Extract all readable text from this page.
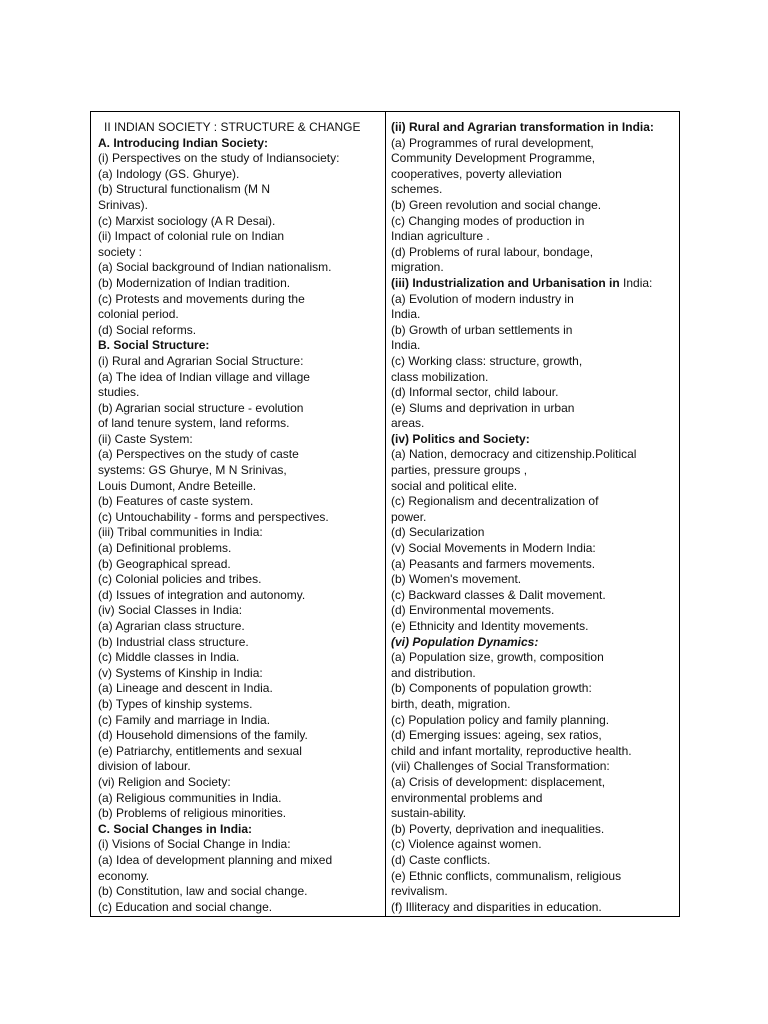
II INDIAN SOCIETY : STRUCTURE & CHANGE
A. Introducing Indian Society:
(i) Perspectives on the study of Indiansociety:
(a) Indology (GS. Ghurye).
(b) Structural functionalism (M N
Srinivas).
(c) Marxist sociology (A R Desai).
(ii) Impact of colonial rule on Indian
society :
(a) Social background of Indian nationalism.
(b) Modernization of Indian tradition.
(c) Protests and movements during the
colonial period.
(d) Social reforms.
B. Social Structure:
(i) Rural and Agrarian Social Structure:
(a) The idea of Indian village and village
studies.
(b) Agrarian social structure - evolution
of land tenure system, land reforms.
(ii) Caste System:
(a) Perspectives on the study of caste
systems: GS Ghurye, M N Srinivas,
Louis Dumont, Andre Beteille.
(b) Features of caste system.
(c) Untouchability - forms and perspectives.
(iii) Tribal communities in India:
(a) Definitional problems.
(b) Geographical spread.
(c) Colonial policies and tribes.
(d) Issues of integration and autonomy.
(iv) Social Classes in India:
(a) Agrarian class structure.
(b) Industrial class structure.
(c) Middle classes in India.
(v) Systems of Kinship in India:
(a) Lineage and descent in India.
(b) Types of kinship systems.
(c) Family and marriage in India.
(d) Household dimensions of the family.
(e) Patriarchy, entitlements and sexual
division of labour.
(vi) Religion and Society:
(a) Religious communities in India.
(b) Problems of religious minorities.
C. Social Changes in India:
(i) Visions of Social Change in India:
(a) Idea of development planning and mixed
economy.
(b) Constitution, law and social change.
(c) Education and social change.
(ii) Rural and Agrarian transformation in India:
(a) Programmes of rural development,
Community Development Programme,
cooperatives, poverty alleviation
schemes.
(b) Green revolution and social change.
(c) Changing modes of production in
Indian agriculture .
(d) Problems of rural labour, bondage,
migration.
(iii) Industrialization and Urbanisation in India:
(a) Evolution of modern industry in
India.
(b) Growth of urban settlements in
India.
(c) Working class: structure, growth,
class mobilization.
(d) Informal sector, child labour.
(e) Slums and deprivation in urban
areas.
(iv) Politics and Society:
(a) Nation, democracy and citizenship.Political
parties, pressure groups ,
social and political elite.
(c) Regionalism and decentralization of
power.
(d) Secularization
(v) Social Movements in Modern India:
(a) Peasants and farmers movements.
(b) Women's movement.
(c) Backward classes & Dalit movement.
(d) Environmental movements.
(e) Ethnicity and Identity movements.
(vi) Population Dynamics:
(a) Population size, growth, composition
and distribution.
(b) Components of population growth:
birth, death, migration.
(c) Population policy and family planning.
(d) Emerging issues: ageing, sex ratios,
child and infant mortality, reproductive health.
(vii) Challenges of Social Transformation:
(a) Crisis of development: displacement,
environmental problems and
sustain-ability.
(b) Poverty, deprivation and inequalities.
(c) Violence against women.
(d) Caste conflicts.
(e) Ethnic conflicts, communalism, religious
revivalism.
(f) Illiteracy and disparities in education.
